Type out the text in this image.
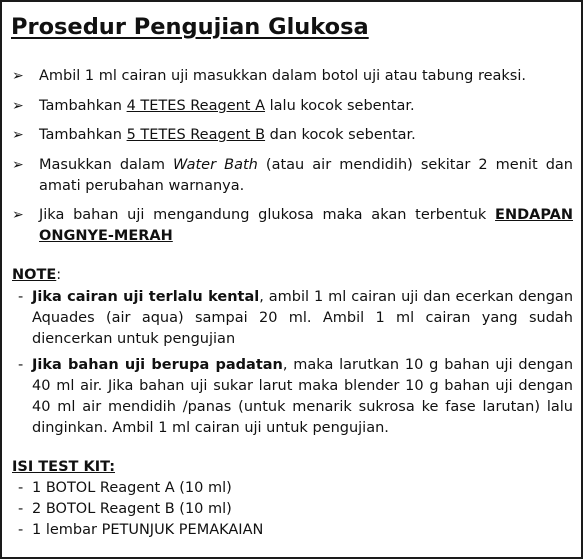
Prosedur Pengujian Glukosa
➢	Ambil 1 ml cairan uji masukkan dalam botol uji atau tabung reaksi.
➢	Tambahkan 4 TETES Reagent A lalu kocok sebentar.
➢	Tambahkan 5 TETES Reagent B dan kocok sebentar.
➢	Masukkan dalam Water Bath (atau air mendidih) sekitar 2 menit dan amati perubahan warnanya.
➢	Jika bahan uji mengandung glukosa maka akan terbentuk ENDAPAN ONGNYE-MERAH
NOTE:
- Jika cairan uji terlalu kental, ambil 1 ml cairan uji dan ecerkan dengan Aquades (air aqua) sampai 20 ml. Ambil 1 ml cairan yang sudah diencerkan untuk pengujian
- Jika bahan uji berupa padatan, maka larutkan 10 g bahan uji dengan 40 ml air. Jika bahan uji sukar larut maka blender 10 g bahan uji dengan 40 ml air mendidih /panas (untuk menarik sukrosa ke fase larutan) lalu dinginkan. Ambil 1 ml cairan uji untuk pengujian.
ISI TEST KIT:
- 1 BOTOL Reagent A (10 ml)
- 2 BOTOL Reagent B (10 ml)
- 1 lembar PETUNJUK PEMAKAIAN
